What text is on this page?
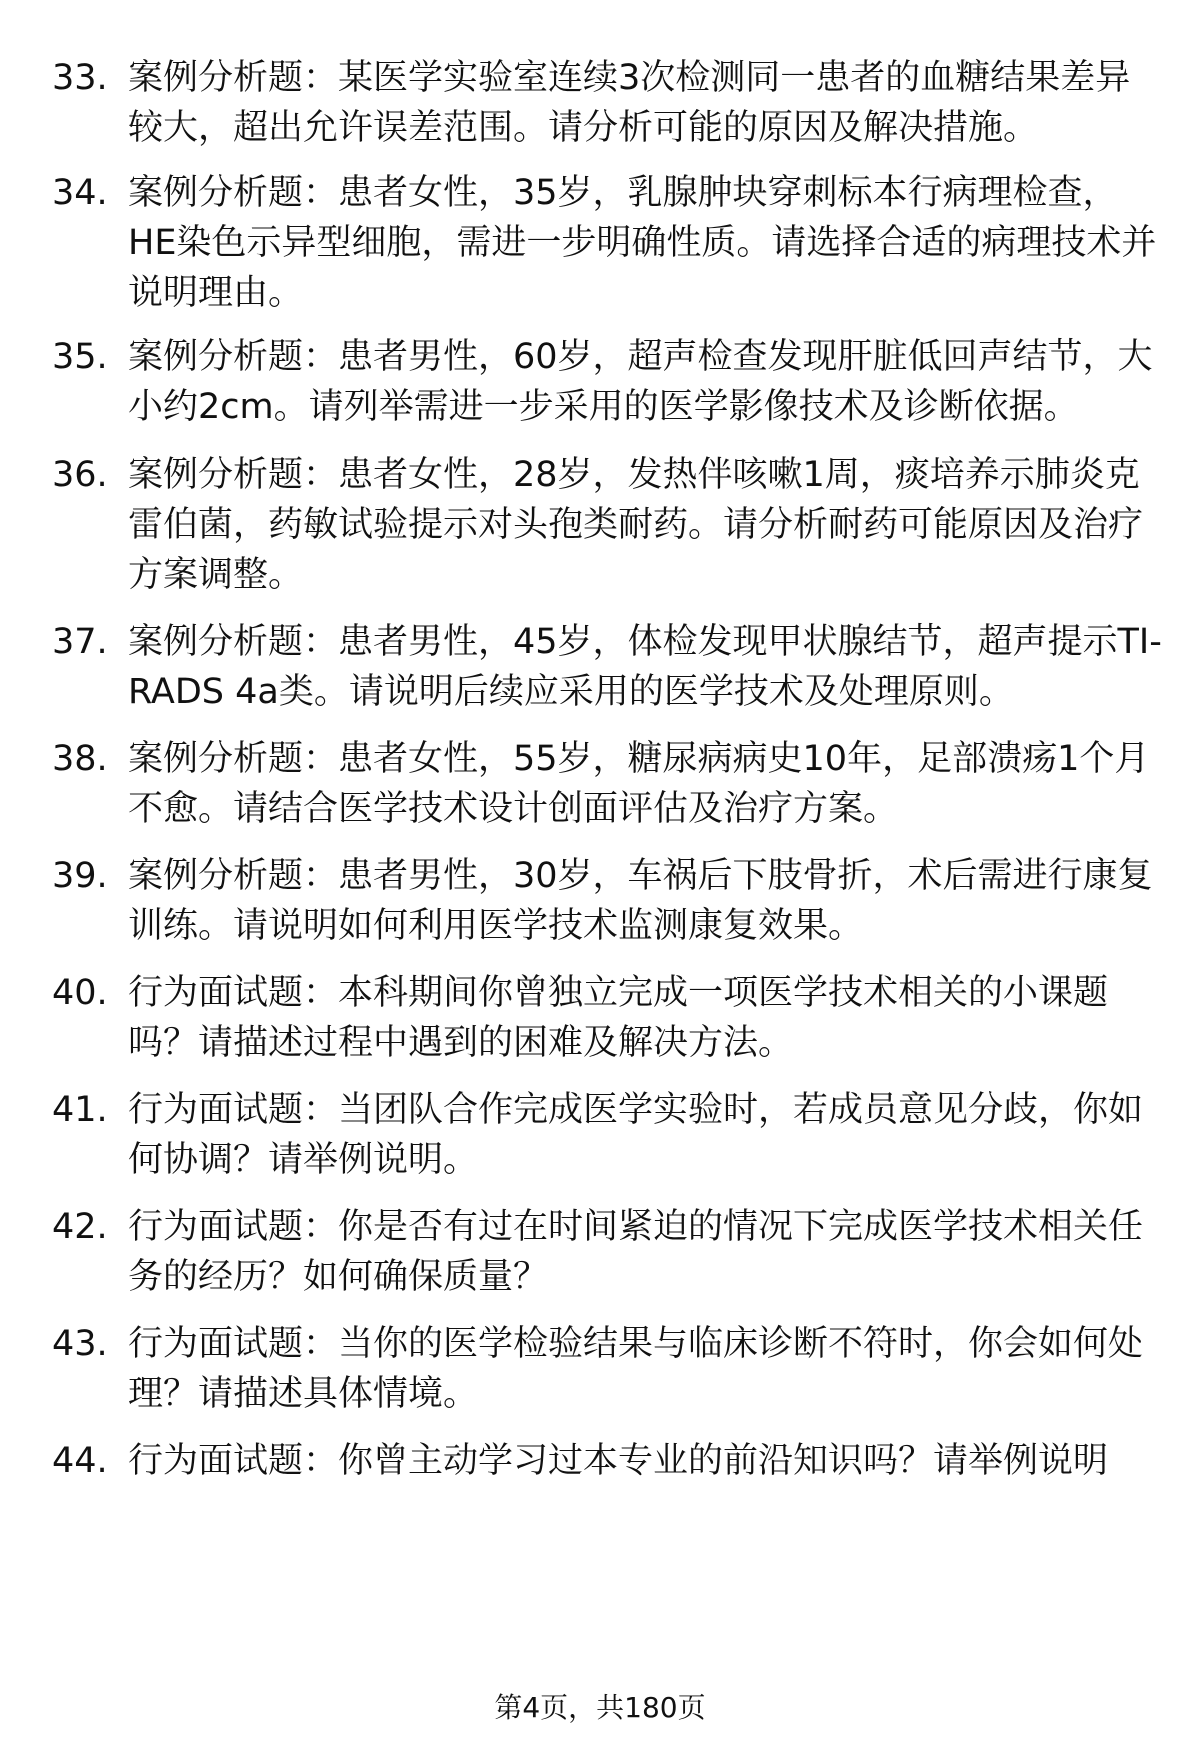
33. 案例分析题：某医学实验室连续3次检测同一患者的血糖结果差异较大，超出允许误差范围。请分析可能的原因及解决措施。
34. 案例分析题：患者女性，35岁，乳腺肿块穿刺标本行病理检查，HE染色示异型细胞，需进一步明确性质。请选择合适的病理技术并说明理由。
35. 案例分析题：患者男性，60岁，超声检查发现肝脏低回声结节，大小约2cm。请列举需进一步采用的医学影像技术及诊断依据。
36. 案例分析题：患者女性，28岁，发热伴咳嗽1周，痰培养示肺炎克雷伯菌，药敏试验提示对头孢类耐药。请分析耐药可能原因及治疗方案调整。
37. 案例分析题：患者男性，45岁，体检发现甲状腺结节，超声提示TI-RADS 4a类。请说明后续应采用的医学技术及处理原则。
38. 案例分析题：患者女性，55岁，糖尿病病史10年，足部溃疡1个月不愈。请结合医学技术设计创面评估及治疗方案。
39. 案例分析题：患者男性，30岁，车祸后下肢骨折，术后需进行康复训练。请说明如何利用医学技术监测康复效果。
40. 行为面试题：本科期间你曾独立完成一项医学技术相关的小课题吗？请描述过程中遇到的困难及解决方法。
41. 行为面试题：当团队合作完成医学实验时，若成员意见分歧，你如何协调？请举例说明。
42. 行为面试题：你是否有过在时间紧迫的情况下完成医学技术相关任务的经历？如何确保质量？
43. 行为面试题：当你的医学检验结果与临床诊断不符时，你会如何处理？请描述具体情境。
44. 行为面试题：你曾主动学习过本专业的前沿知识吗？请举例说明
第4页，共180页
